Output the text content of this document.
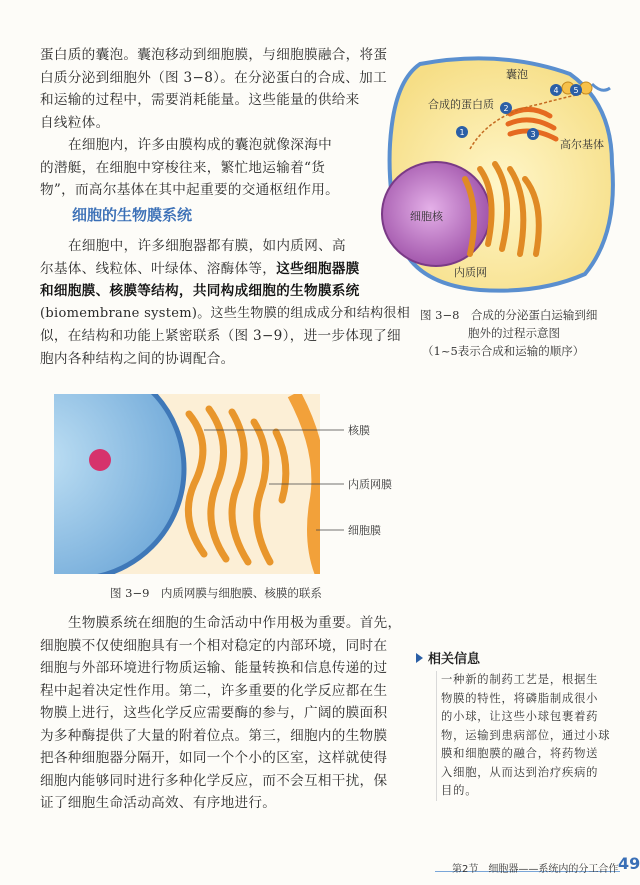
蛋白质的囊泡。囊泡移动到细胞膜，与细胞膜融合，将蛋
白质分泌到细胞外（图 3−8）。在分泌蛋白的合成、加工
和运输的过程中，需要消耗能量。这些能量的供给来
自线粒体。
在细胞内，许多由膜构成的囊泡就像深海中
的潜艇，在细胞中穿梭往来，繁忙地运输着“货
物”，而高尔基体在其中起重要的交通枢纽作用。
细胞的生物膜系统
在细胞中，许多细胞器都有膜，如内质网、高
尔基体、线粒体、叶绿体、溶酶体等，这些细胞器膜
和细胞膜、核膜等结构，共同构成细胞的生物膜系统
(biomembrane system)。这些生物膜的组成成分和结构很相
似，在结构和功能上紧密联系（图 3−9），进一步体现了细
胞内各种结构之间的协调配合。
1
2
3
4 5
囊泡
合成的蛋白质
高尔基体
细胞核
内质网
图 3−8　合成的分泌蛋白运输到细
胞外的过程示意图
（1~5表示合成和运输的顺序）
核膜
内质网膜
细胞膜
图 3−9　内质网膜与细胞膜、核膜的联系
生物膜系统在细胞的生命活动中作用极为重要。首先，
细胞膜不仅使细胞具有一个相对稳定的内部环境，同时在
细胞与外部环境进行物质运输、能量转换和信息传递的过
程中起着决定性作用。第二，许多重要的化学反应都在生
物膜上进行，这些化学反应需要酶的参与，广阔的膜面积
为多种酶提供了大量的附着位点。第三，细胞内的生物膜
把各种细胞器分隔开，如同一个个小的区室，这样就使得
细胞内能够同时进行多种化学反应，而不会互相干扰，保
证了细胞生命活动高效、有序地进行。
相关信息
一种新的制药工艺是，根据生
物膜的特性，将磷脂制成很小
的小球，让这些小球包裹着药
物，运输到患病部位，通过小球
膜和细胞膜的融合，将药物送
入细胞，从而达到治疗疾病的
目的。
第2节　细胞器——系统内的分工合作 49
